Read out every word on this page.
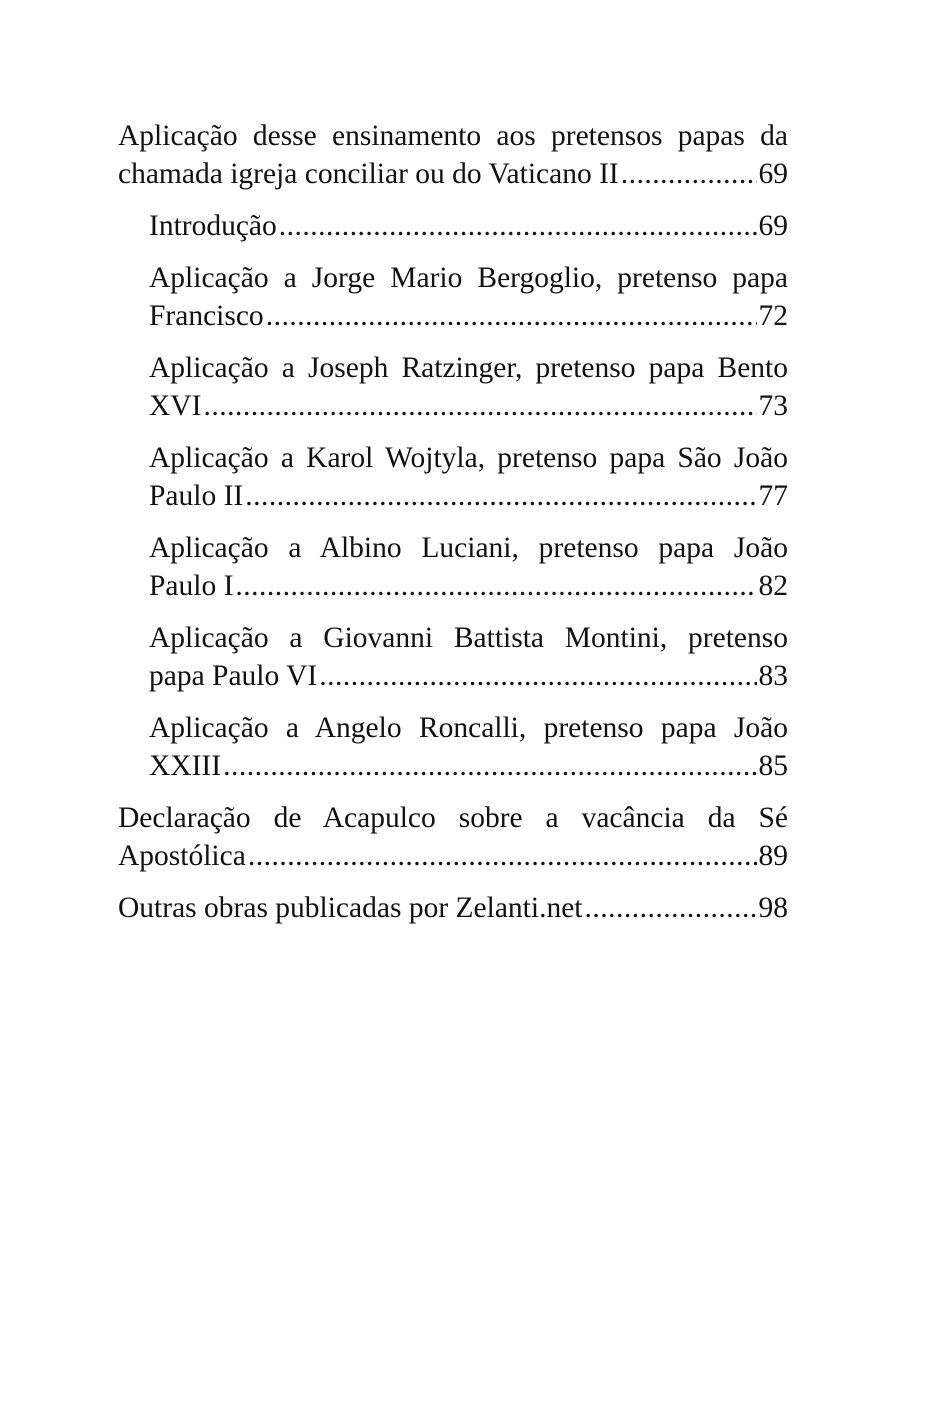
Aplicação desse ensinamento aos pretensos papas da
chamada igreja conciliar ou do Vaticano II .....	69
Introdução .....	69
Aplicação a Jorge Mario Bergoglio, pretenso papa
Francisco .....	72
Aplicação a Joseph Ratzinger, pretenso papa Bento
XVI .....	73
Aplicação a Karol Wojtyla, pretenso papa São João
Paulo II .....	77
Aplicação a Albino Luciani, pretenso papa João
Paulo I .....	82
Aplicação a Giovanni Battista Montini, pretenso
papa Paulo VI .....	83
Aplicação a Angelo Roncalli, pretenso papa João
XXIII .....	85
Declaração de Acapulco sobre a vacância da Sé
Apostólica .....	89
Outras obras publicadas por Zelanti.net .....	98
